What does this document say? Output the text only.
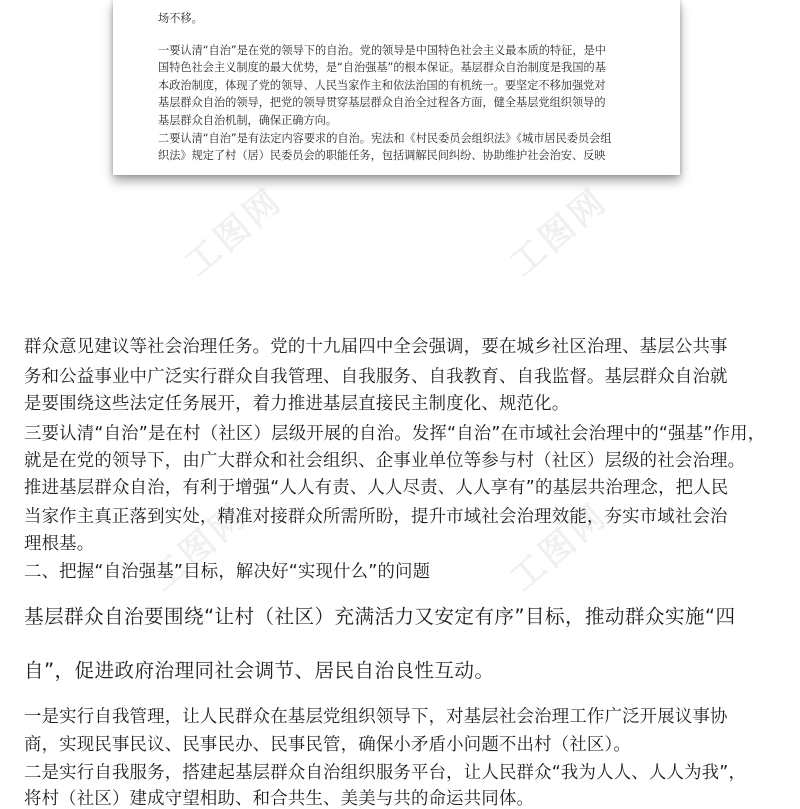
工图网	工图网
工图网	工图网

场不移。

一要认清“自治”是在党的领导下的自治。党的领导是中国特色社会主义最本质的特征，是中

国特色社会主义制度的最大优势，是“自治强基”的根本保证。基层群众自治制度是我国的基

本政治制度，体现了党的领导、人民当家作主和依法治国的有机统一。要坚定不移加强党对

基层群众自治的领导，把党的领导贯穿基层群众自治全过程各方面，健全基层党组织领导的

基层群众自治机制，确保正确方向。

二要认清“自治”是有法定内容要求的自治。宪法和《村民委员会组织法》《城市居民委员会组

织法》规定了村（居）民委员会的职能任务，包括调解民间纠纷、协助维护社会治安、反映

群众意见建议等社会治理任务。党的十九届四中全会强调，要在城乡社区治理、基层公共事

务和公益事业中广泛实行群众自我管理、自我服务、自我教育、自我监督。基层群众自治就

是要围绕这些法定任务展开，着力推进基层直接民主制度化、规范化。

三要认清“自治”是在村（社区）层级开展的自治。发挥“自治”在市域社会治理中的“强基”作用，

就是在党的领导下，由广大群众和社会组织、企事业单位等参与村（社区）层级的社会治理。

推进基层群众自治，有利于增强“人人有责、人人尽责、人人享有”的基层共治理念，把人民

当家作主真正落到实处，精准对接群众所需所盼，提升市域社会治理效能，夯实市域社会治

理根基。

二、把握“自治强基”目标，解决好“实现什么”的问题

基层群众自治要围绕“让村（社区）充满活力又安定有序”目标，推动群众实施“四

自”，促进政府治理同社会调节、居民自治良性互动。

一是实行自我管理，让人民群众在基层党组织领导下，对基层社会治理工作广泛开展议事协

商，实现民事民议、民事民办、民事民管，确保小矛盾小问题不出村（社区）。

二是实行自我服务，搭建起基层群众自治组织服务平台，让人民群众“我为人人、人人为我”，

将村（社区）建成守望相助、和合共生、美美与共的命运共同体。
